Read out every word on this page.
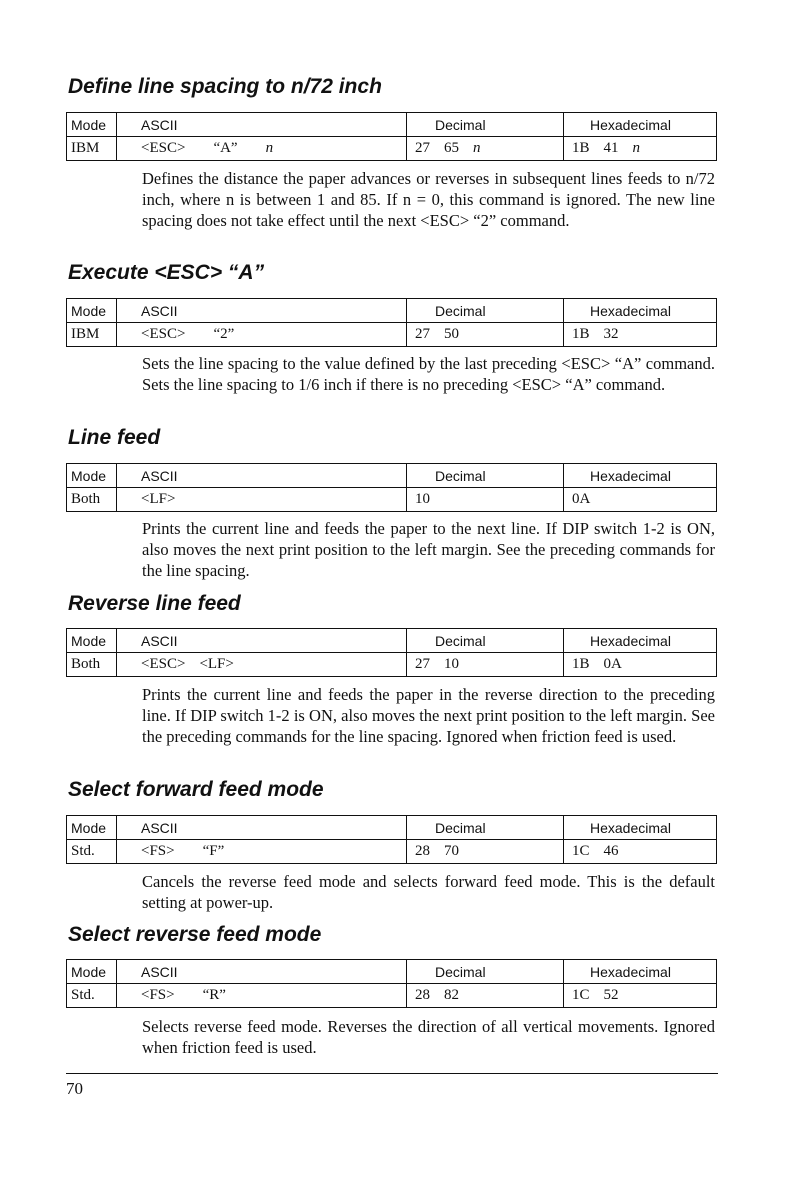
Define line spacing to n/72 inch
Mode	ASCII	Decimal	Hexadecimal
IBM	<ESC> “A” n	27 65 n	1B 41 n

Defines the distance the paper advances or reverses in subsequent lines feeds to n/72 inch, where n is between 1 and 85. If n = 0, this command is ignored. The new line spacing does not take effect until the next <ESC> “2” command.

Execute <ESC> “A”
Mode	ASCII	Decimal	Hexadecimal
IBM	<ESC> “2”	27 50	1B 32

Sets the line spacing to the value defined by the last preceding <ESC> “A” command. Sets the line spacing to 1/6 inch if there is no preceding <ESC> “A” command.

Line feed
Mode	ASCII	Decimal	Hexadecimal
Both	<LF>	10	0A

Prints the current line and feeds the paper to the next line. If DIP switch 1-2 is ON, also moves the next print position to the left margin. See the preceding commands for the line spacing.

Reverse line feed
Mode	ASCII	Decimal	Hexadecimal
Both	<ESC> <LF>	27 10	1B 0A

Prints the current line and feeds the paper in the reverse direction to the preceding line. If DIP switch 1-2 is ON, also moves the next print position to the left margin. See the preceding commands for the line spacing. Ignored when friction feed is used.

Select forward feed mode
Mode	ASCII	Decimal	Hexadecimal
Std.	<FS> “F”	28 70	1C 46

Cancels the reverse feed mode and selects forward feed mode. This is the default setting at power-up.

Select reverse feed mode
Mode	ASCII	Decimal	Hexadecimal
Std.	<FS> “R”	28 82	1C 52

Selects reverse feed mode. Reverses the direction of all vertical movements. Ignored when friction feed is used.

70
